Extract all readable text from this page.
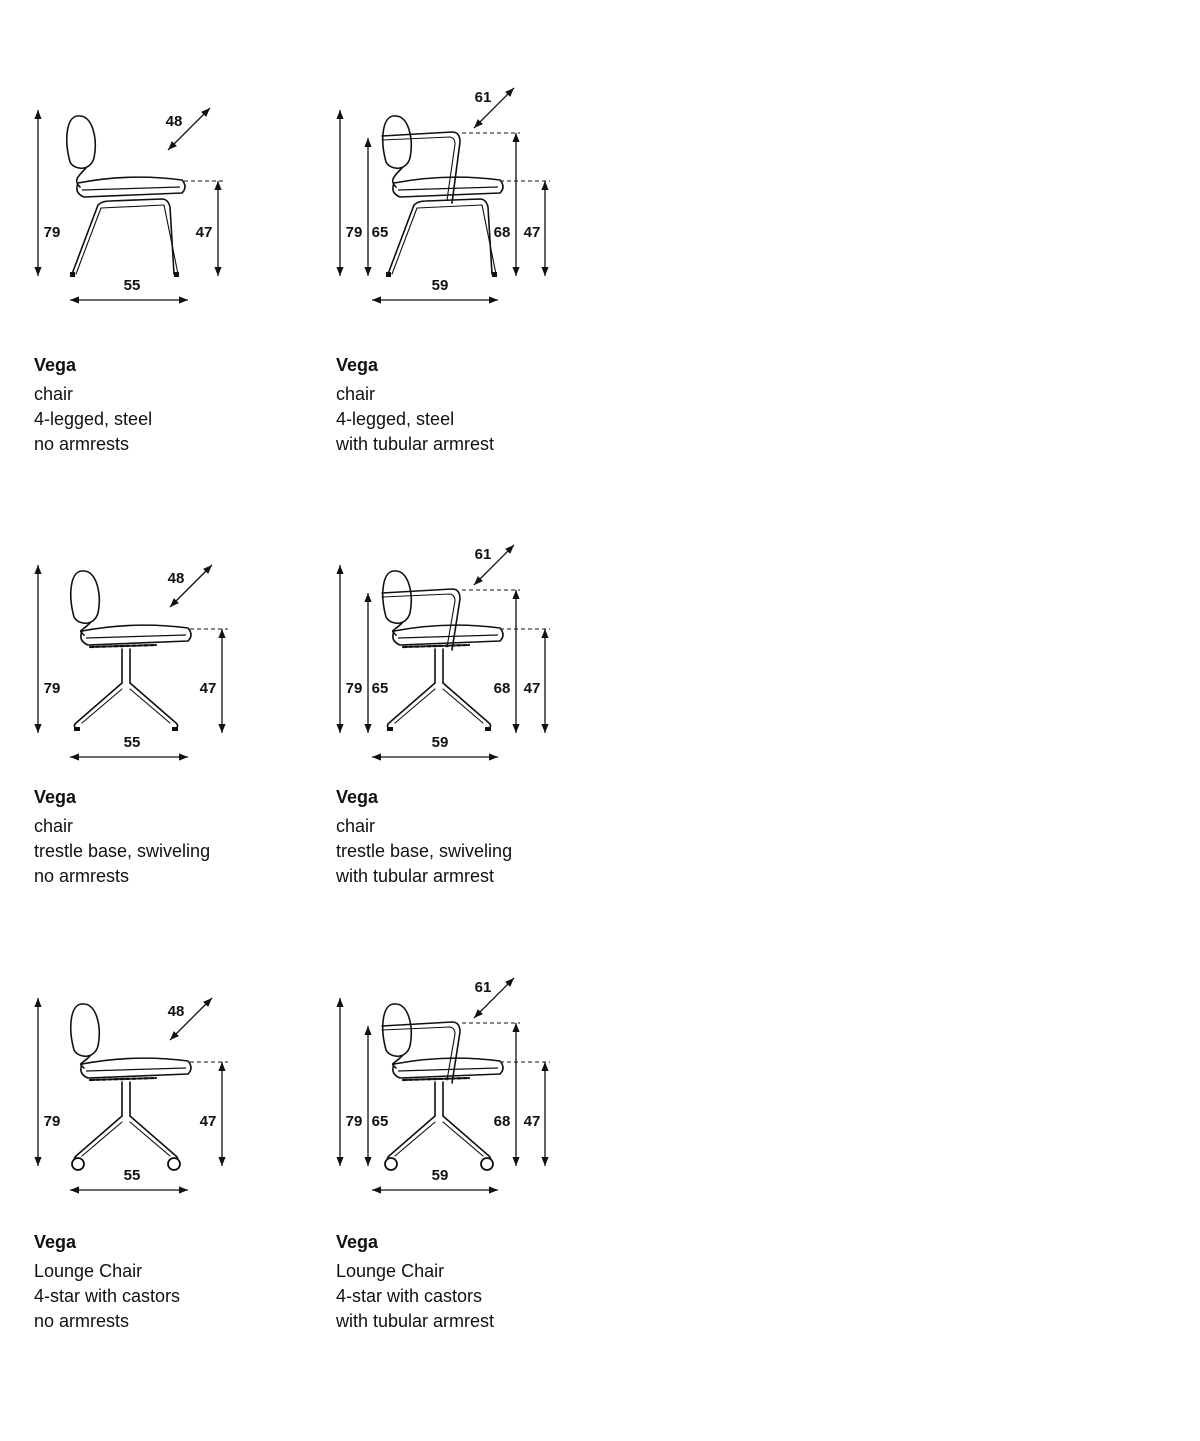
79	47
48
55
Vega
chair
4-legged, steel
no armrests
79 65	68 47
61
59
Vega
chair
4-legged, steel
with tubular armrest
79	47
48
55
Vega
chair
trestle base, swiveling
no armrests
79 65	68 47
61
59
Vega
chair
trestle base, swiveling
with tubular armrest
79	47
48
55
Vega
Lounge Chair
4-star with castors
no armrests
79 65	68 47
61
59
Vega
Lounge Chair
4-star with castors
with tubular armrest
